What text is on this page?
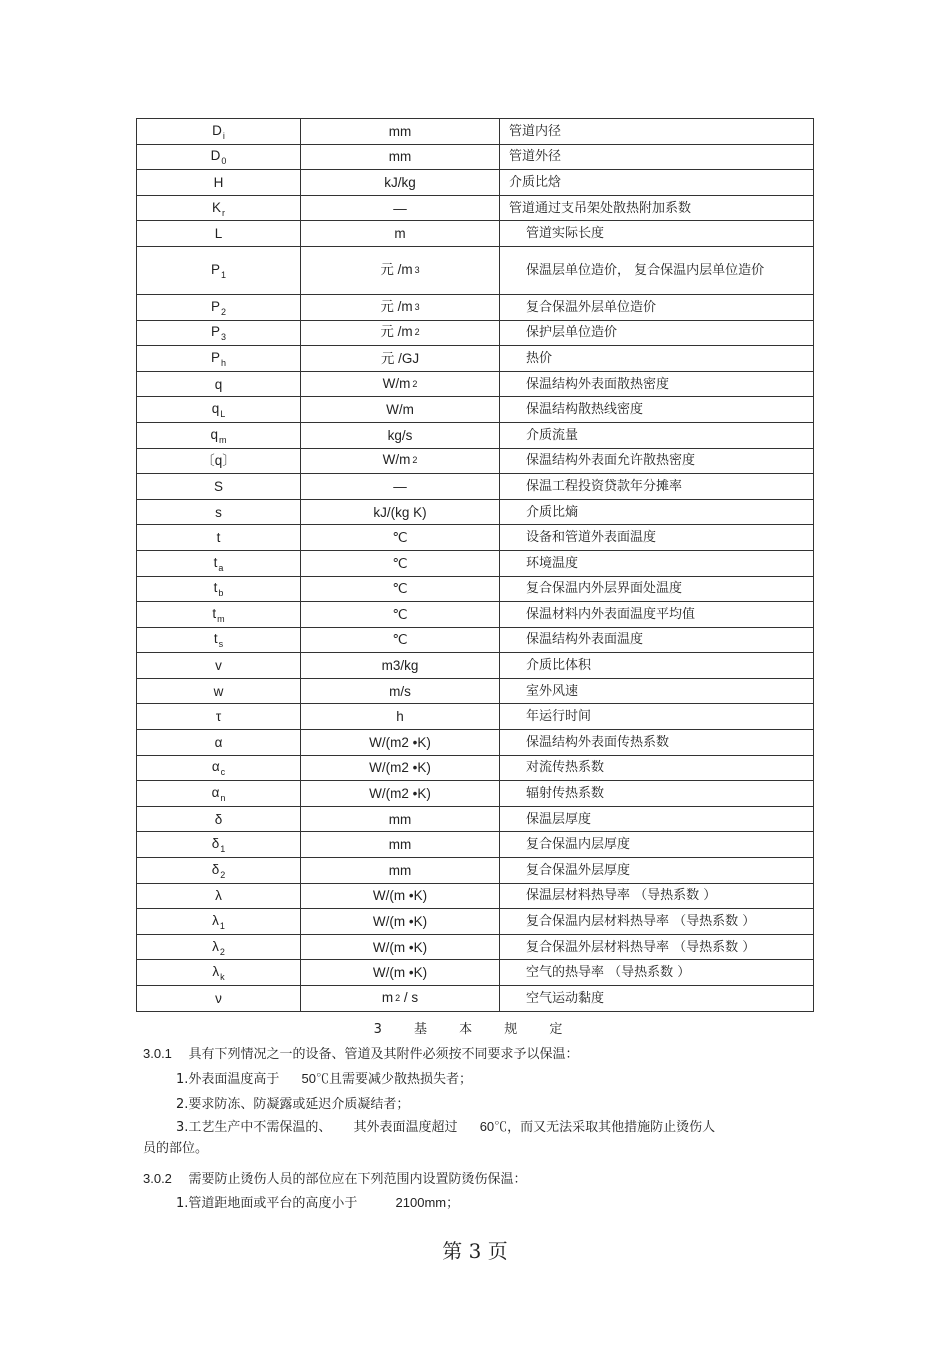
$D_i$	mm	管道内径
$D_0$	mm	管道外径
H	kJ/kg	介质比焓
$K_r$	—	管道通过支吊架处散热附加系数
L	m	管道实际长度
$P_1$	元 /m 3	保温层单位造价， 复合保温内层单位造价
$P_2$	元 /m 3	复合保温外层单位造价
$P_3$	元 /m 2	保护层单位造价
$P_h$	元 /GJ	热价
q	W/m 2	保温结构外表面散热密度
$q_L$	W/m	保温结构散热线密度
$q_m$	kg/s	介质流量
〔q〕	W/m 2	保温结构外表面允许散热密度
S	—	保温工程投资贷款年分摊率
s	kJ/(kg K)	介质比熵
t	℃	设备和管道外表面温度
$t_a$	℃	环境温度
$t_b$	℃	复合保温内外层界面处温度
$t_m$	℃	保温材料内外表面温度平均值
$t_s$	℃	保温结构外表面温度
v	m3/kg	介质比体积
w	m/s	室外风速
τ	h	年运行时间
α	W/(m2 •K)	保温结构外表面传热系数
$\alpha_c$	W/(m2 •K)	对流传热系数
$\alpha_n$	W/(m2 •K)	辐射传热系数
δ	mm	保温层厚度
$\delta_1$	mm	复合保温内层厚度
$\delta_2$	mm	复合保温外层厚度
λ	W/(m •K)	保温层材料热导率 （导热系数 ）
$\lambda_1$	W/(m •K)	复合保温内层材料热导率 （导热系数 ）
$\lambda_2$	W/(m •K)	复合保温外层材料热导率 （导热系数 ）
$\lambda_k$	W/(m •K)	空气的热导率 （导热系数 ）
ν	m 2 / s	空气运动黏度
3 基 本 规 定
3.0.1 具有下列情况之一的设备、管道及其附件必须按不同要求予以保温：
1.外表面温度高于 50℃且需要减少散热损失者；
2.要求防冻、防凝露或延迟介质凝结者；
3.工艺生产中不需保温的、 其外表面温度超过 60℃，而又无法采取其他措施防止烫伤人
员的部位。
3.0.2 需要防止烫伤人员的部位应在下列范围内设置防烫伤保温：
1.管道距地面或平台的高度小于	2100mm；
第 3 页
